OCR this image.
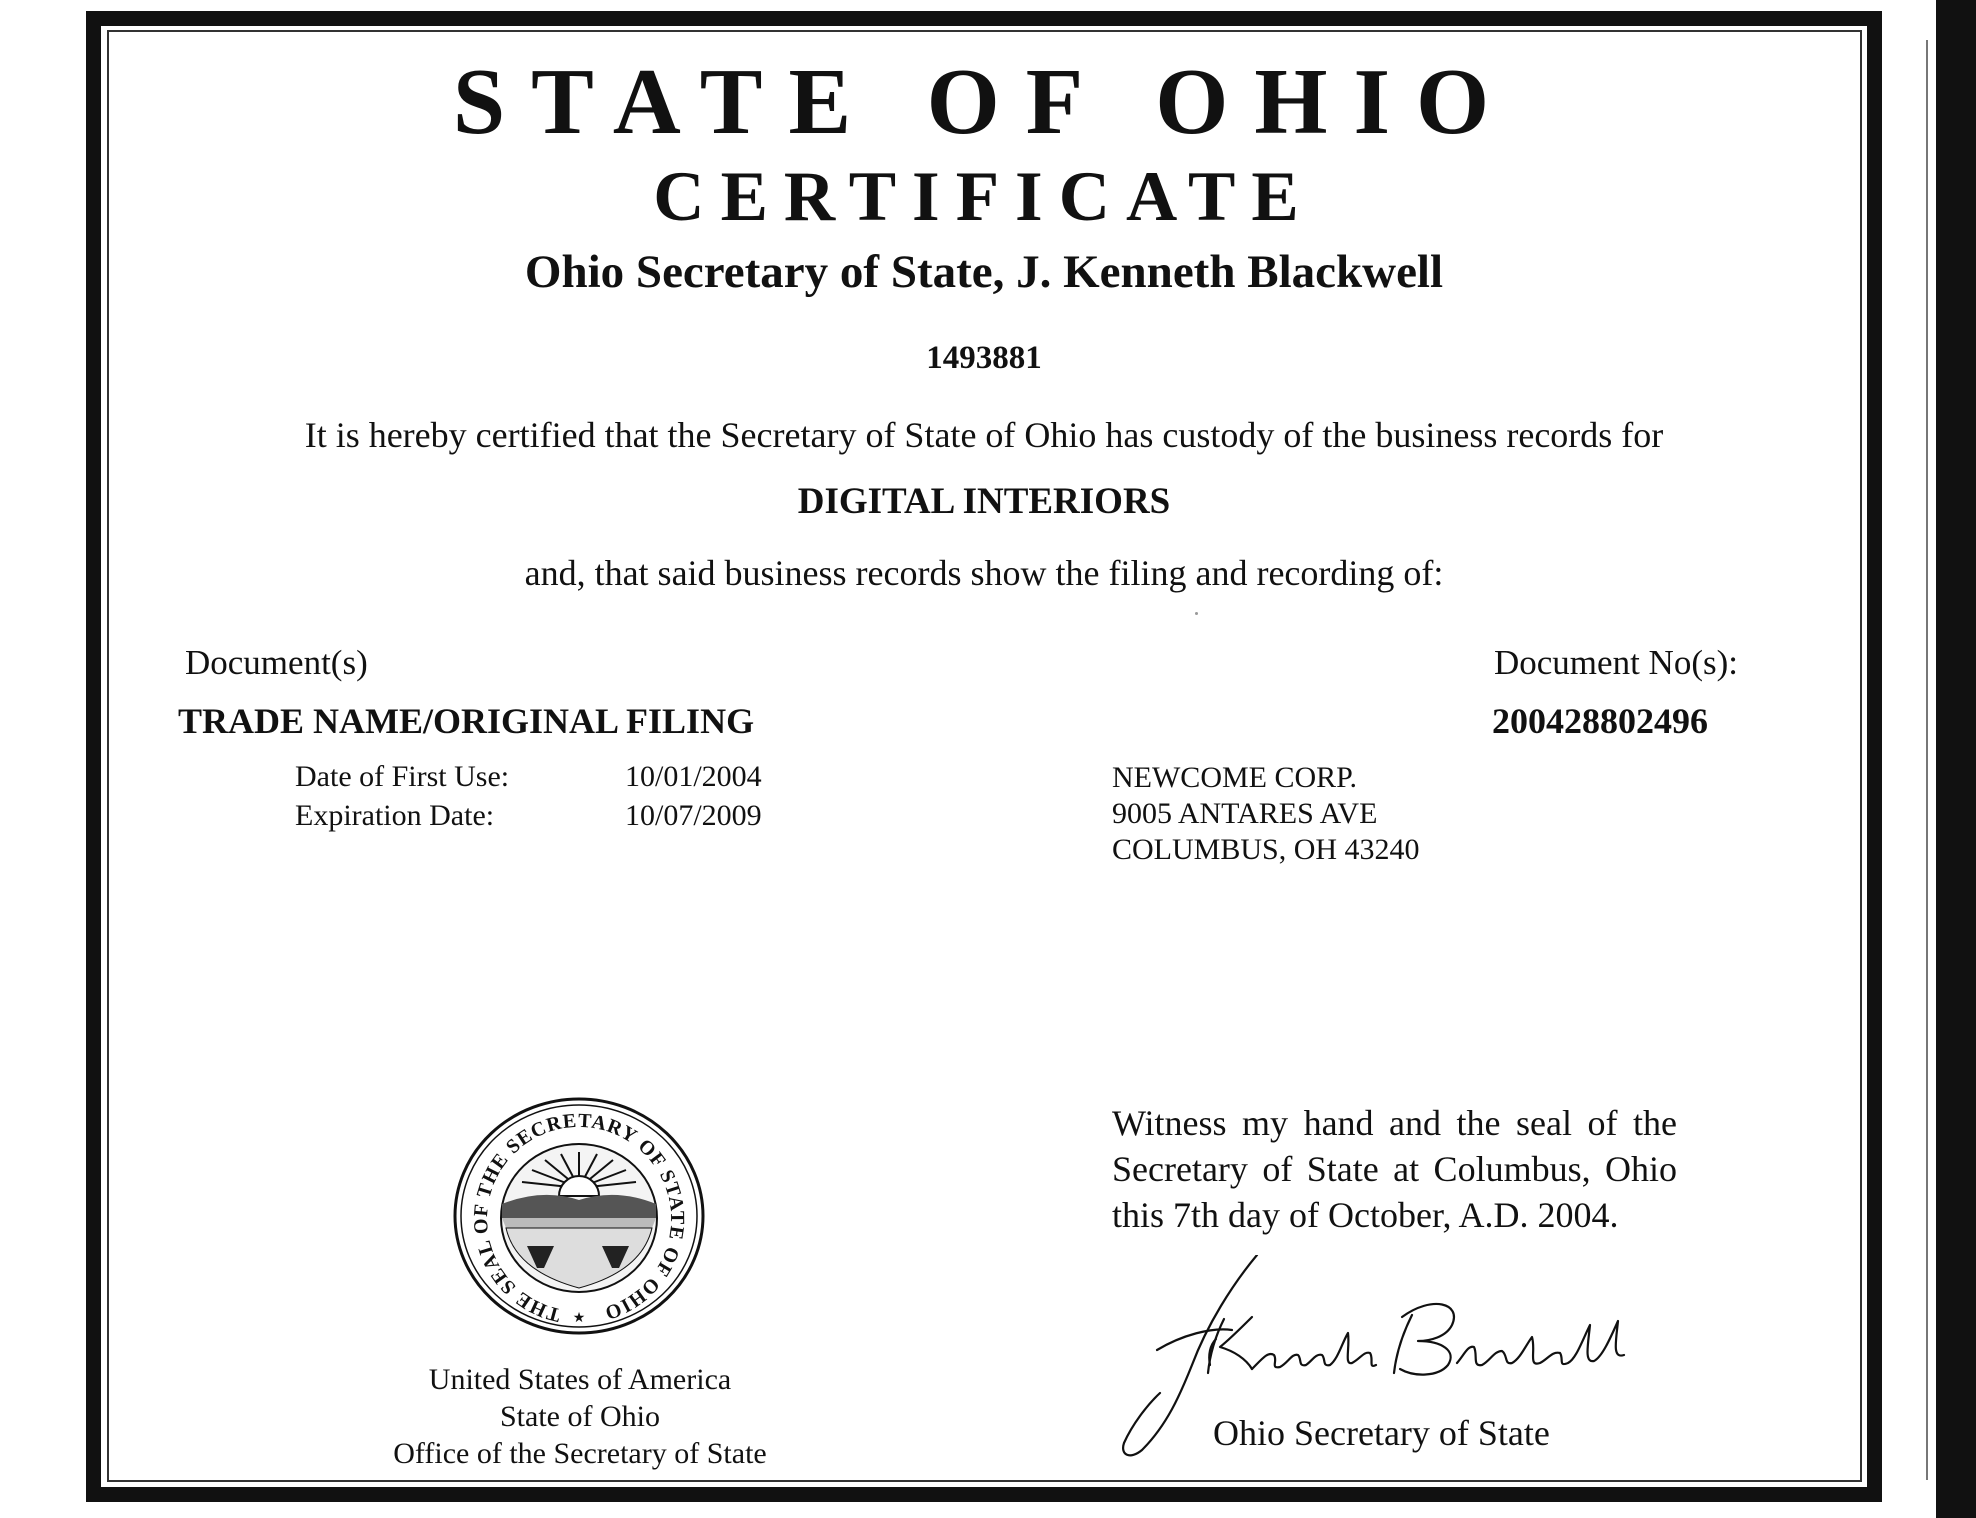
STATE OF OHIO
CERTIFICATE
Ohio Secretary of State, J. Kenneth Blackwell
1493881
It is hereby certified that the Secretary of State of Ohio has custody of the business records for
DIGITAL INTERIORS
and, that said business records show the filing and recording of:
Document(s)	Document No(s):
TRADE NAME/ORIGINAL FILING	200428802496
Date of First Use:	10/01/2004
Expiration Date:	10/07/2009
NEWCOME CORP.
9005 ANTARES AVE
COLUMBUS, OH 43240
THE SEAL OF THE SECRETARY OF STATE OF OHIO
★
United States of America
State of Ohio
Office of the Secretary of State
Witness my hand and the seal of the Secretary of State at Columbus, Ohio this 7th day of October, A.D. 2004.
Ohio Secretary of State
